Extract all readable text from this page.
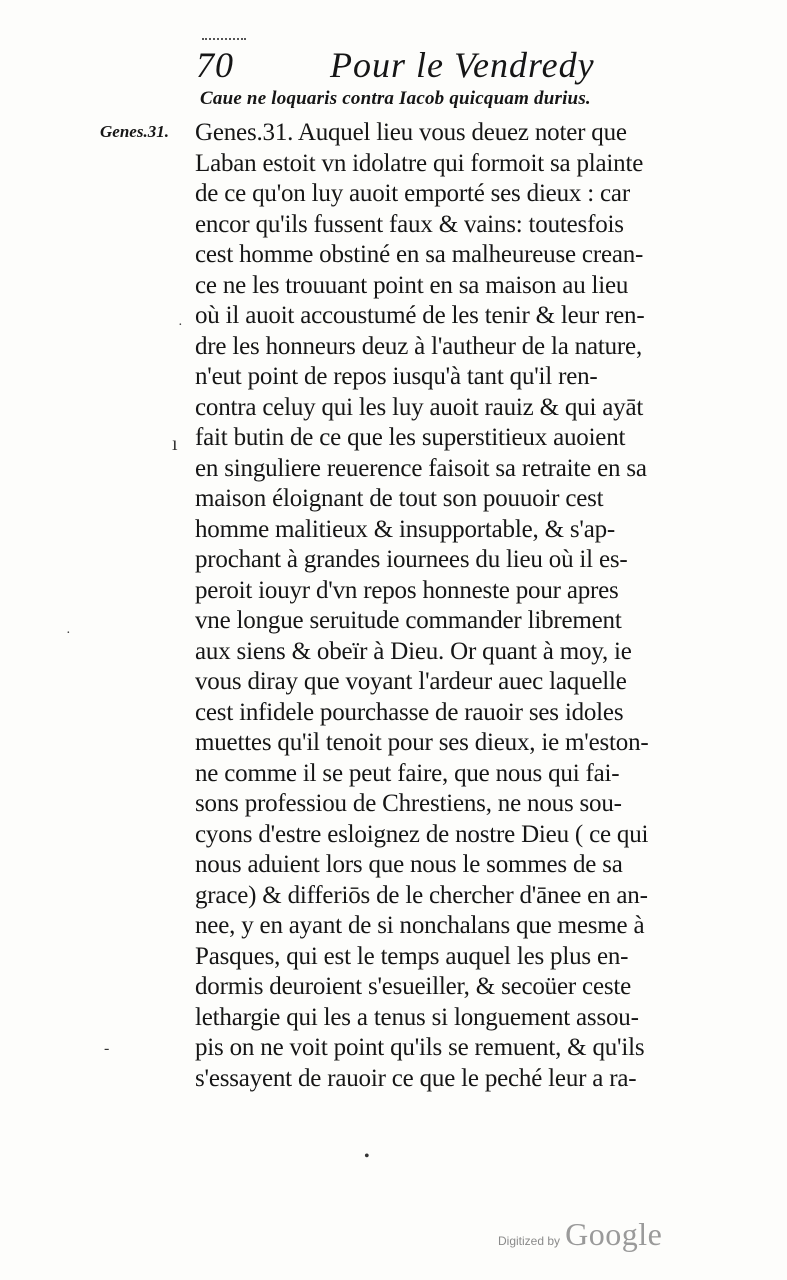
70	Pour le Vendredy
Caue ne loquaris contra Iacob quicquam durius.
Genes.31. Genes.31. Auquel lieu vous deuez noter que
Laban estoit vn idolatre qui formoit sa plainte
de ce qu'on luy auoit emporté ses dieux : car
encor qu'ils fussent faux & vains: toutesfois
cest homme obstiné en sa malheureuse crean-
ce ne les trouuant point en sa maison au lieu
où il auoit accoustumé de les tenir & leur ren-
dre les honneurs deuz à l'autheur de la nature,
n'eut point de repos iusqu'à tant qu'il ren-
contra celuy qui les luy auoit rauiz & qui ayāt
fait butin de ce que les superstitieux auoient
en singuliere reuerence faisoit sa retraite en sa
maison éloignant de tout son pouuoir cest
homme malitieux & insupportable, & s'ap-
prochant à grandes iournees du lieu où il es-
peroit iouyr d'vn repos honneste pour apres
vne longue seruitude commander librement
aux siens & obeïr à Dieu. Or quant à moy, ie
vous diray que voyant l'ardeur auec laquelle
cest infidele pourchasse de rauoir ses idoles
muettes qu'il tenoit pour ses dieux, ie m'eston-
ne comme il se peut faire, que nous qui fai-
sons professiou de Chrestiens, ne nous sou-
cyons d'estre esloignez de nostre Dieu ( ce qui
nous aduient lors que nous le sommes de sa
grace) & differiōs de le chercher d'ānee en an-
nee, y en ayant de si nonchalans que mesme à
Pasques, qui est le temps auquel les plus en-
dormis deuroient s'esueiller, & secoüer ceste
lethargie qui les a tenus si longuement assou-
pis on ne voit point qu'ils se remuent, & qu'ils
s'essayent de rauoir ce que le peché leur a ra-
ı
·
·
-
•
Digitized by Google
